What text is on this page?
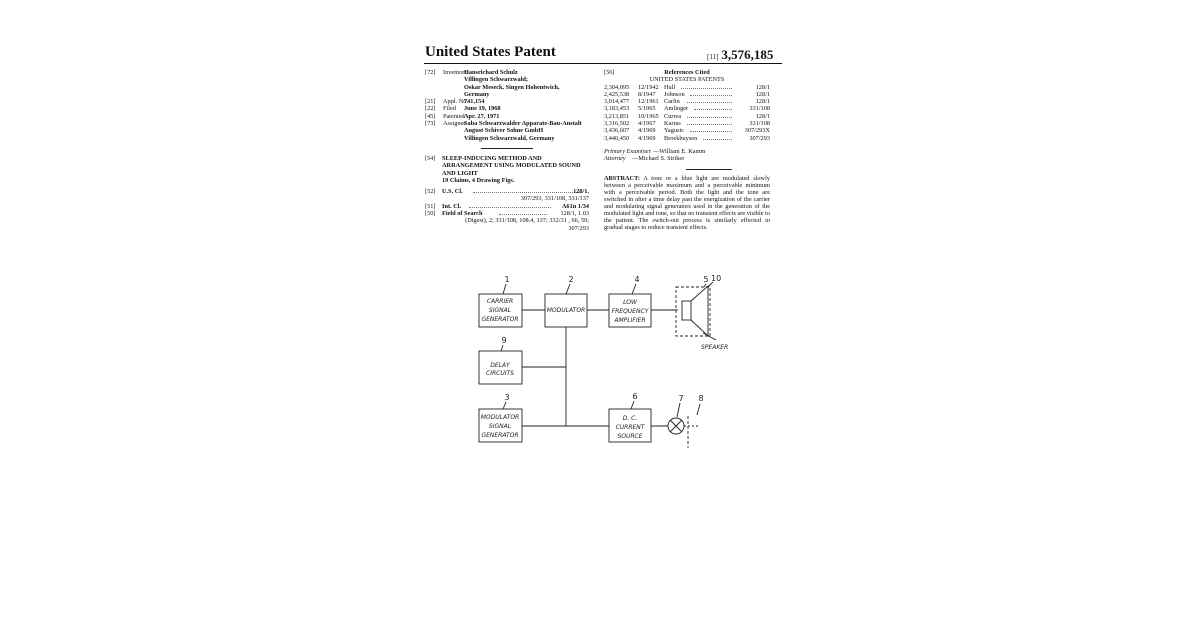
United States Patent	[11] 3,576,185
[72] Inventors
Hansrichard Schulz
Villingen Schwarzwald;
Oskar Meseck, Singen Hohentwich,
Germany
[21] Appl. No.
741,154
[22] Filed June 19, 1968
[45] Patented Apr. 27, 1971
[73] Assignee
Saba Schwarzwalder Apparate-Bau-Anstalt
August Schiver Sohne GmbH
Villingen Schwarzwald, Germany
[54] SLEEP-INDUCING METHOD AND
ARRANGEMENT USING MODULATED SOUND
AND LIGHT
19 Claims, 4 Drawing Figs.
[52] U.S. Cl.	128/1,
307/293, 331/108, 331/137
[51] Int. Cl.	A61n 1/34
[50] Field of Search	128/1, 1.03
(Digest), 2; 331/108, 108.4, 137; 332/31 , 66, 50;
307/293
[56]	References Cited
UNITED STATES PATENTS
2,304,095 12/1942 Hull	128/1
2,425,538 8/1947 Johnson	128/1
3,014,477 12/1961 Carlin	128/1
3,183,453 5/1965 Amlinger	331/108
3,213,851 10/1965 Currea	128/1
3,316,502 4/1967 Karras	331/108
3,436,607 4/1969 Yagusic	307/293X
3,440,450 4/1969 Broekhuysen	307/293
Primary Examiner —William E. Kamm
Attorney —Michael S. Striker
ABSTRACT: A tone or a blue light are modulated slowly between a perceivable maximum and a perceivable minimum with a perceivable period. Both the light and the tone are switched in after a time delay past the energization of the carrier and modulating signal generators used in the generation of the modulated light and tone, so that no transient effects are visible to the patient. The switch-out process is similarly effected in gradual stages to reduce transient effects.
CARRIER
SIGNAL
GENERATOR
MODULATOR
LOW
FREQUENCY
AMPLIFIER
DELAY
CIRCUITS
MODULATOR
SIGNAL
GENERATOR
D. C.
CURRENT
SOURCE
SPEAKER
1	2	4	5 10
9
3	6	7 8
